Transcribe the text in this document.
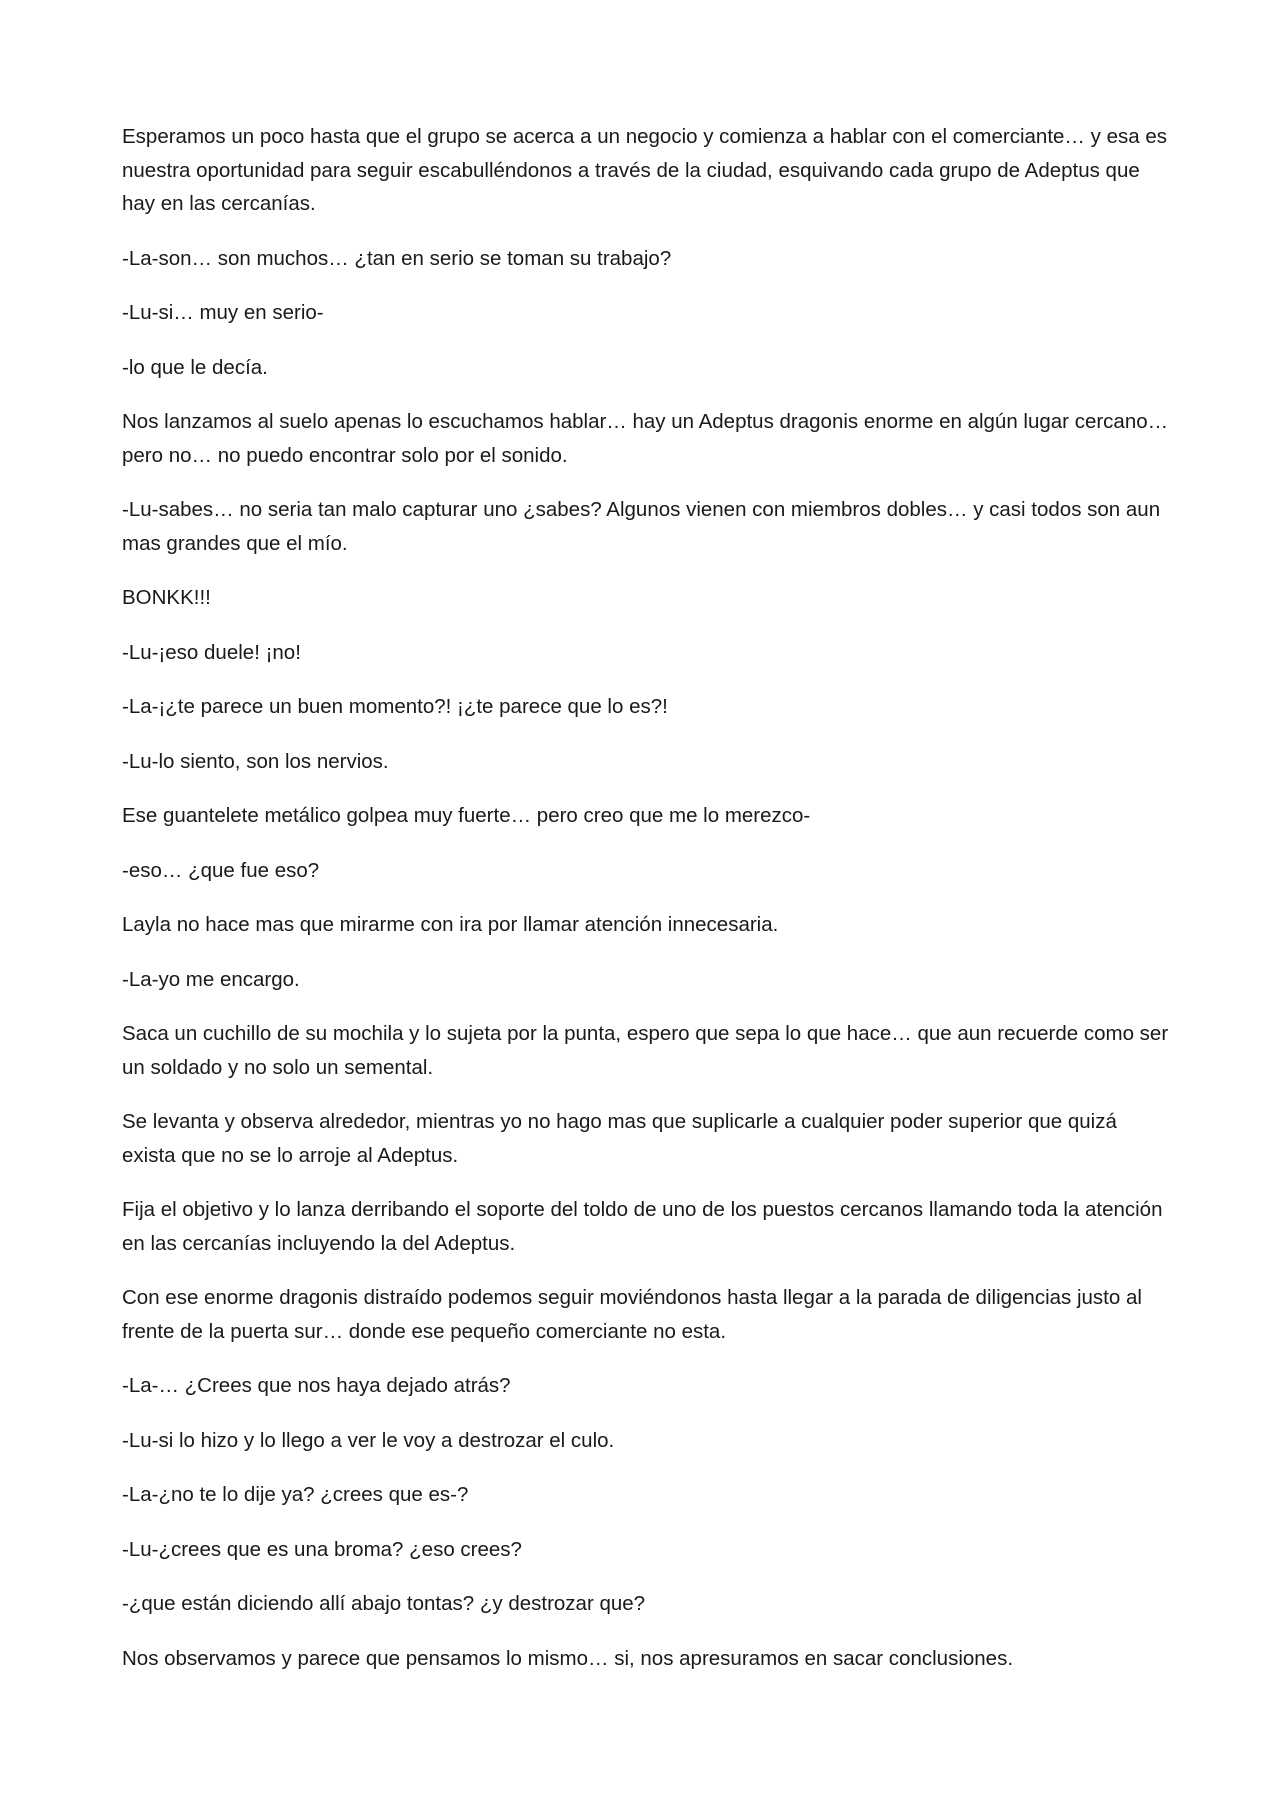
Esperamos un poco hasta que el grupo se acerca a un negocio y comienza a hablar con el comerciante… y esa es nuestra oportunidad para seguir escabulléndonos a través de la ciudad, esquivando cada grupo de Adeptus que hay en las cercanías.

-La-son… son muchos… ¿tan en serio se toman su trabajo?

-Lu-si… muy en serio-

-lo que le decía.

Nos lanzamos al suelo apenas lo escuchamos hablar… hay un Adeptus dragonis enorme en algún lugar cercano… pero no… no puedo encontrar solo por el sonido.

-Lu-sabes… no seria tan malo capturar uno ¿sabes? Algunos vienen con miembros dobles… y casi todos son aun mas grandes que el mío.

BONKK!!!

-Lu-¡eso duele! ¡no!

-La-¡¿te parece un buen momento?! ¡¿te parece que lo es?!

-Lu-lo siento, son los nervios.

Ese guantelete metálico golpea muy fuerte… pero creo que me lo merezco-

-eso… ¿que fue eso?

Layla no hace mas que mirarme con ira por llamar atención innecesaria.

-La-yo me encargo.

Saca un cuchillo de su mochila y lo sujeta por la punta, espero que sepa lo que hace… que aun recuerde como ser un soldado y no solo un semental.

Se levanta y observa alrededor, mientras yo no hago mas que suplicarle a cualquier poder superior que quizá exista que no se lo arroje al Adeptus.

Fija el objetivo y lo lanza derribando el soporte del toldo de uno de los puestos cercanos llamando toda la atención en las cercanías incluyendo la del Adeptus.

Con ese enorme dragonis distraído podemos seguir moviéndonos hasta llegar a la parada de diligencias justo al frente de la puerta sur… donde ese pequeño comerciante no esta.

-La-… ¿Crees que nos haya dejado atrás?

-Lu-si lo hizo y lo llego a ver le voy a destrozar el culo.

-La-¿no te lo dije ya? ¿crees que es-?

-Lu-¿crees que es una broma? ¿eso crees?

-¿que están diciendo allí abajo tontas? ¿y destrozar que?

Nos observamos y parece que pensamos lo mismo… si, nos apresuramos en sacar conclusiones.
